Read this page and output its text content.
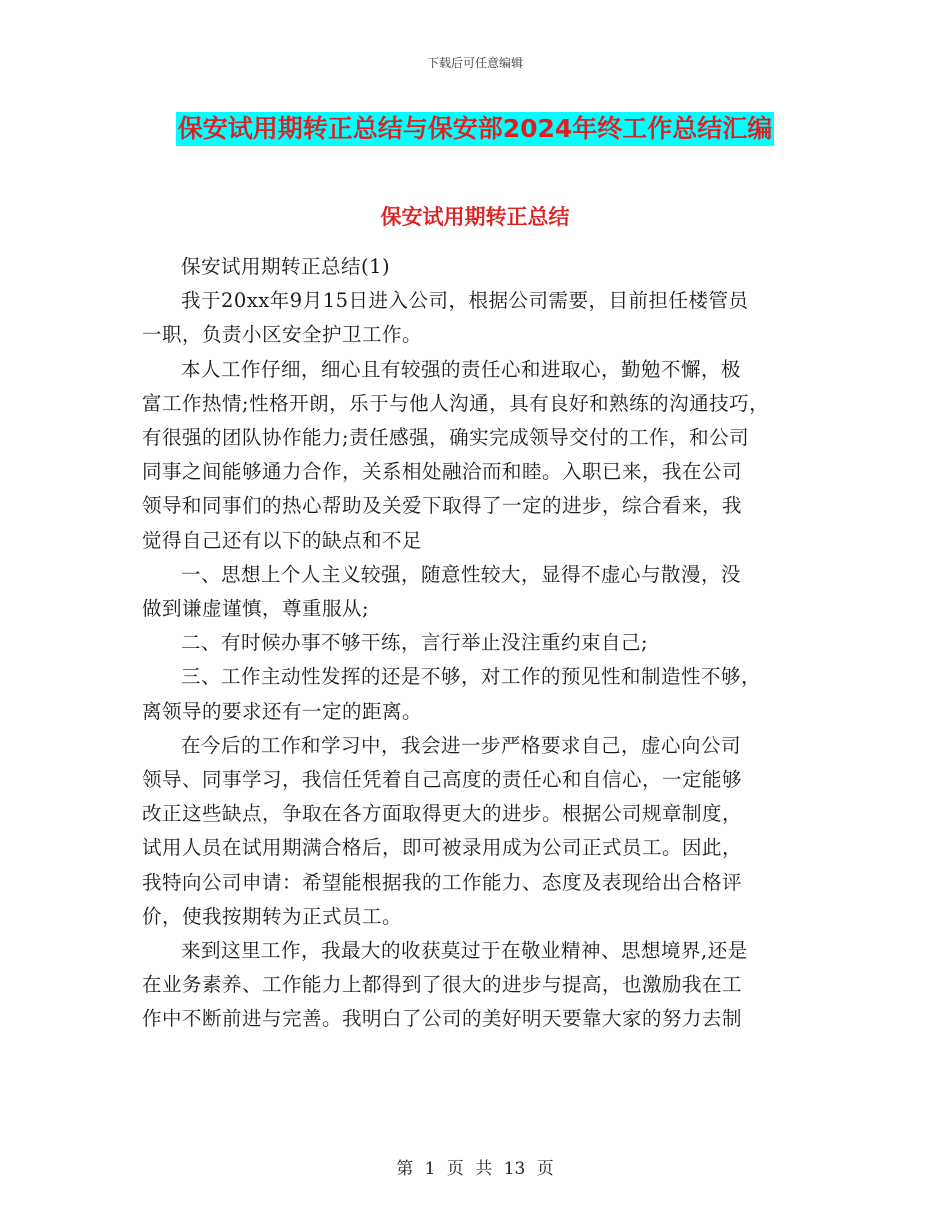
下载后可任意编辑
保安试用期转正总结与保安部2024年终工作总结汇编
保安试用期转正总结

保安试用期转正总结(1)

我于20xx年9月15日进入公司，根据公司需要，目前担任楼管员
一职，负责小区安全护卫工作。

本人工作仔细，细心且有较强的责任心和进取心，勤勉不懈，极
富工作热情;性格开朗，乐于与他人沟通，具有良好和熟练的沟通技巧，
有很强的团队协作能力;责任感强，确实完成领导交付的工作，和公司
同事之间能够通力合作，关系相处融洽而和睦。入职已来，我在公司
领导和同事们的热心帮助及关爱下取得了一定的进步，综合看来，我
觉得自己还有以下的缺点和不足

一、思想上个人主义较强，随意性较大，显得不虚心与散漫，没
做到谦虚谨慎，尊重服从;

二、有时候办事不够干练，言行举止没注重约束自己;

三、工作主动性发挥的还是不够，对工作的预见性和制造性不够，
离领导的要求还有一定的距离。

在今后的工作和学习中，我会进一步严格要求自己，虚心向公司
领导、同事学习，我信任凭着自己高度的责任心和自信心，一定能够
改正这些缺点，争取在各方面取得更大的进步。根据公司规章制度，
试用人员在试用期满合格后，即可被录用成为公司正式员工。因此，
我特向公司申请：希望能根据我的工作能力、态度及表现给出合格评
价，使我按期转为正式员工。

来到这里工作，我最大的收获莫过于在敬业精神、思想境界,还是
在业务素养、工作能力上都得到了很大的进步与提高，也激励我在工
作中不断前进与完善。我明白了公司的美好明天要靠大家的努力去制

第 1 页 共 13 页
